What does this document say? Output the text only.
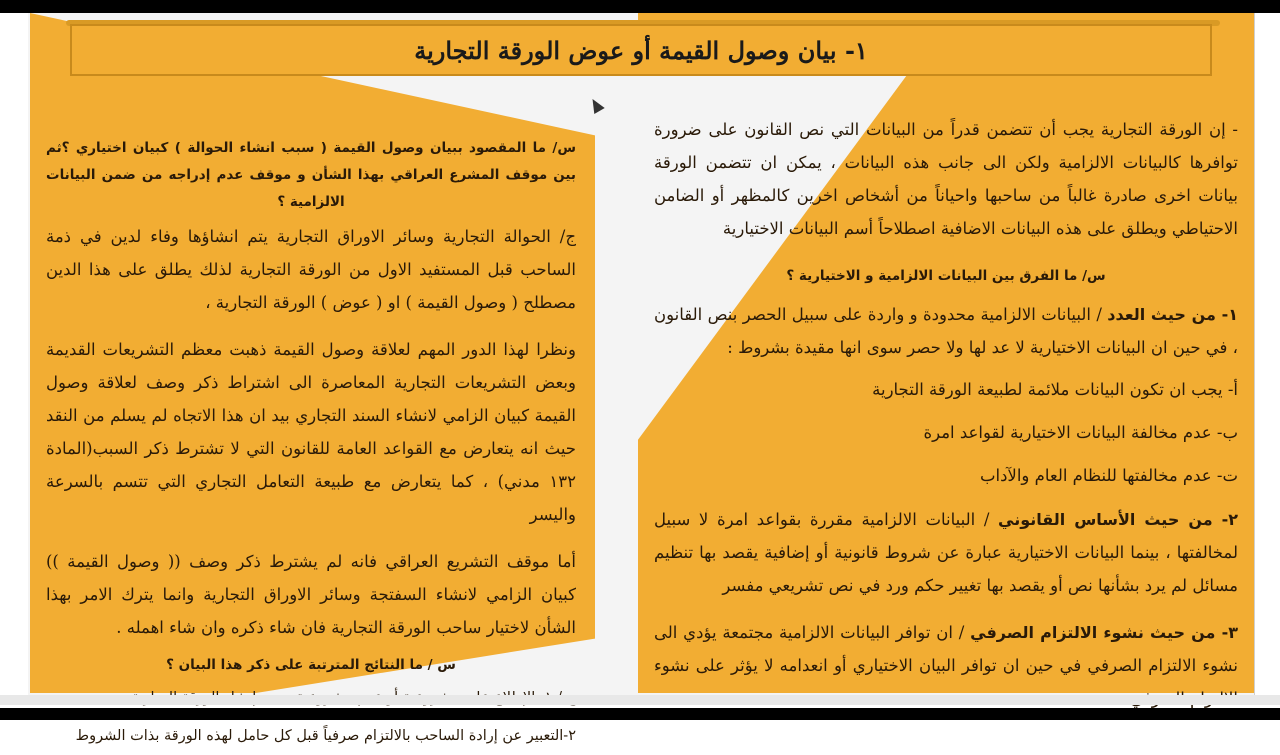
١- بيان وصول القيمة أو عوض الورقة التجارية
س/ ما المقصود ببيان وصول القيمة ( سبب انشاء الحوالة ) كبيان اختياري ؟ثم بين موقف المشرع العراقي بهذا الشأن و موقف عدم إدراجه من ضمن البيانات الالزامية ؟
ج/ الحوالة التجارية وسائر الاوراق التجارية يتم انشاؤها وفاء لدين في ذمة الساحب قبل المستفيد الاول من الورقة التجارية لذلك يطلق على هذا الدين مصطلح ( وصول القيمة ) او ( عوض ) الورقة التجارية ،
ونظرا لهذا الدور المهم لعلاقة وصول القيمة ذهبت معظم التشريعات القديمة وبعض التشريعات التجارية المعاصرة الى اشتراط ذكر وصف لعلاقة وصول القيمة كبيان الزامي لانشاء السند التجاري بيد ان هذا الاتجاه لم يسلم من النقد حيث انه يتعارض مع القواعد العامة للقانون التي لا تشترط ذكر السبب(المادة ١٣٢ مدني) ، كما يتعارض مع طبيعة التعامل التجاري التي تتسم بالسرعة واليسر
أما موقف التشريع العراقي فانه لم يشترط ذكر وصف (( وصول القيمة )) كبيان الزامي لانشاء السفتجة وسائر الاوراق التجارية وانما يترك الامر بهذا الشأن لاختيار ساحب الورقة التجارية فان شاء ذكره وان شاء اهمله .
س / ما النتائج المترتبة على ذكر هذا البيان ؟
٢-التعبير عن إرادة الساحب بالالتزام صرفياً قبل كل حامل لهذه الورقة بذات الشروط
- إن الورقة التجارية يجب أن تتضمن قدراً من البيانات التي نص القانون على ضرورة توافرها كالبيانات الالزامية ولكن الى جانب هذه البيانات ، يمكن ان تتضمن الورقة بيانات اخرى صادرة غالباً من ساحبها واحياناً من أشخاص اخرين كالمظهر أو الضامن الاحتياطي ويطلق على هذه البيانات الاضافية اصطلاحاً أسم البيانات الاختيارية
س/ ما الفرق بين البيانات الالزامية و الاختيارية ؟
١- من حيث العدد / البيانات الالزامية محدودة و واردة على سبيل الحصر بنص القانون ، في حين ان البيانات الاختيارية لا عد لها ولا حصر سوى انها مقيدة بشروط :
أ- يجب ان تكون البيانات ملائمة لطبيعة الورقة التجارية
ب- عدم مخالفة البيانات الاختيارية لقواعد امرة
ت- عدم مخالفتها للنظام العام والآداب
٢- من حيث الأساس القانوني / البيانات الالزامية مقررة بقواعد امرة لا سبيل لمخالفتها ، بينما البيانات الاختيارية عبارة عن شروط قانونية أو إضافية يقصد بها تنظيم مسائل لم يرد بشأنها نص أو يقصد بها تغيير حكم ورد في نص تشريعي مفسر
٣- من حيث نشوء الالتزام الصرفي / ان توافر البيانات الالزامية مجتمعة يؤدي الى نشوء الالتزام الصرفي في حين ان توافر البيان الاختياري أو انعدامه لا يؤثر على نشوء
